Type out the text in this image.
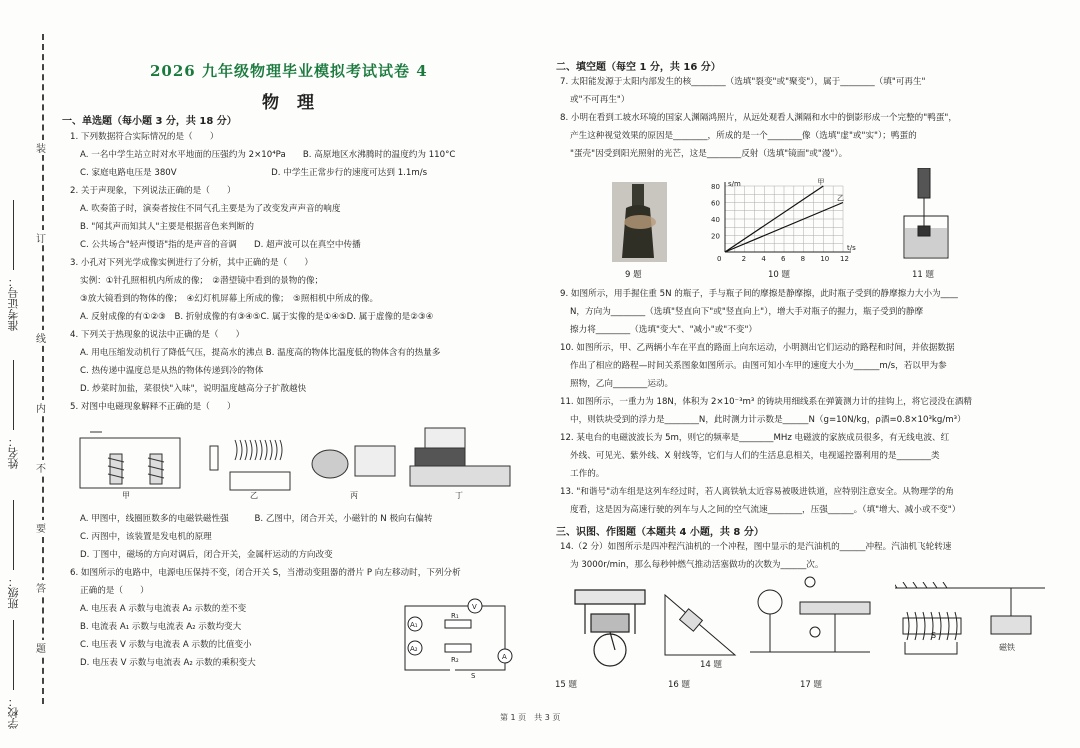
装
订
线
内
不
要
答
题
准考证号：
姓名：
班级：
学校：
2026 九年级物理毕业模拟考试试卷 4
物理
一、单选题（每小题 3 分，共 18 分）
1. 下列数据符合实际情况的是（　　）
A. 一名中学生站立时对水平地面的压强约为 2×10⁴Pa　　B. 高原地区水沸腾时的温度约为 110°C
C. 家庭电路电压是 380V　　　　　　　　　　　D. 中学生正常步行的速度可达到 1.1m/s
2. 关于声现象，下列说法正确的是（　　）
A. 吹奏笛子时，演奏者按住不同气孔主要是为了改变发声声音的响度
B. "闻其声而知其人"主要是根据音色来判断的
C. 公共场合"轻声慢语"指的是声音的音调　　D. 超声波可以在真空中传播
3. 小孔对下列光学成像实例进行了分析，其中正确的是（　　）
实例：①针孔照相机内所成的像；　②潜望镜中看到的景物的像；
③放大镜看到的物体的像；　④幻灯机屏幕上所成的像；　⑤照相机中所成的像。
A. 反射成像的有①②③　B. 折射成像的有③④⑤C. 属于实像的是①④⑤D. 属于虚像的是②③④
4. 下列关于热现象的说法中正确的是（　　）
A. 用电压缩发动机行了降低气压，提高水的沸点 B. 温度高的物体比温度低的物体含有的热量多
C. 热传递中温度总是从热的物体传递到冷的物体
D. 炒菜时加盐，菜很快"入味"，说明温度越高分子扩散越快
5. 对图中电磁现象解释不正确的是（　　）
甲	乙	丙	丁
A. 甲图中，线圈匝数多的电磁铁磁性强　　　B. 乙图中，闭合开关，小磁针的 N 极向右偏转
C. 丙图中，该装置是发电机的原理
D. 丁图中，磁场的方向对调后，闭合开关，金属杆运动的方向改变
6. 如图所示的电路中，电源电压保持不变，闭合开关 S，当滑动变阻器的滑片 P 向左移动时，下列分析
正确的是（　　）
A. 电压表 A 示数与电流表 A₂ 示数的差不变
B. 电流表 A₁ 示数与电流表 A₂ 示数均变大
C. 电压表 V 示数与电流表 A 示数的比值变小
D. 电压表 V 示数与电流表 A₂ 示数的乘积变大
V
A₁
A₂
A
R₁
R₂
S
二、填空题（每空 1 分，共 16 分）
7. 太阳能发源于太阳内部发生的核________（选填"裂变"或"聚变"），属于________（填"可再生"
或"不可再生"）
8. 小明在看到工坡水环境的国家人渊隔鸿照片，从远处观看人渊隔和水中的倒影形成一个完整的"鸭蛋"，
产生这种视觉效果的原因是________，所成的是一个________像（选填"虚"或"实"）；鸭蛋的
"蛋壳"因受到阳光照射的光芒，这是________反射（选填"镜面"或"漫"）。
9 题
2 4 6 8 10 12
20
40
60
80
0
t/s
s/m	甲
乙
10 题	11 题
9. 如图所示，用手握住重 5N 的瓶子，手与瓶子间的摩擦是静摩擦，此时瓶子受到的静摩擦力大小为____
N，方向为________（选填"竖直向下"或"竖直向上"），增大手对瓶子的握力，瓶子受到的静摩
擦力将________（选填"变大"、"减小"或"不变"）
10. 如图所示，甲、乙两辆小车在平直的路面上向东运动，小明测出它们运动的路程和时间，并依据数据
作出了相应的路程—时间关系图象如图所示。由图可知小车甲的速度大小为______m/s，若以甲为参
照物，乙向________运动。
11. 如图所示，一重力为 18N，体积为 2×10⁻³m³ 的铸块用细线系在弹簧测力计的挂钩上，将它浸没在酒精
中，则铁块受到的浮力是________N，此时测力计示数是______N（g=10N/kg，ρ酒=0.8×10³kg/m³）
12. 某电台的电磁波波长为 5m，则它的频率是________MHz 电磁波的家族成员很多，有无线电波、红
外线、可见光、紫外线、X 射线等，它们与人们的生活息息相关，电视遥控器利用的是________类
工作的。
13. "和谐号"动车组是这列车经过时，若人离铁轨太近容易被吸进铁道，应特别注意安全。从物理学的角
度看，这是因为高速行驶的列车与人之间的空气流速________，压强______。（填"增大、减小或不变"）
三、识图、作图题（本题共 4 小题，共 8 分）
14.（2 分）如图所示是四冲程汽油机的一个冲程，图中显示的是汽油机的______冲程。汽油机飞轮转速
为 3000r/min，那么每秒钟燃气推动活塞做功的次数为______次。
15 题
14 题
16 题	17 题
S
磁铁
第 1 页　共 3 页
